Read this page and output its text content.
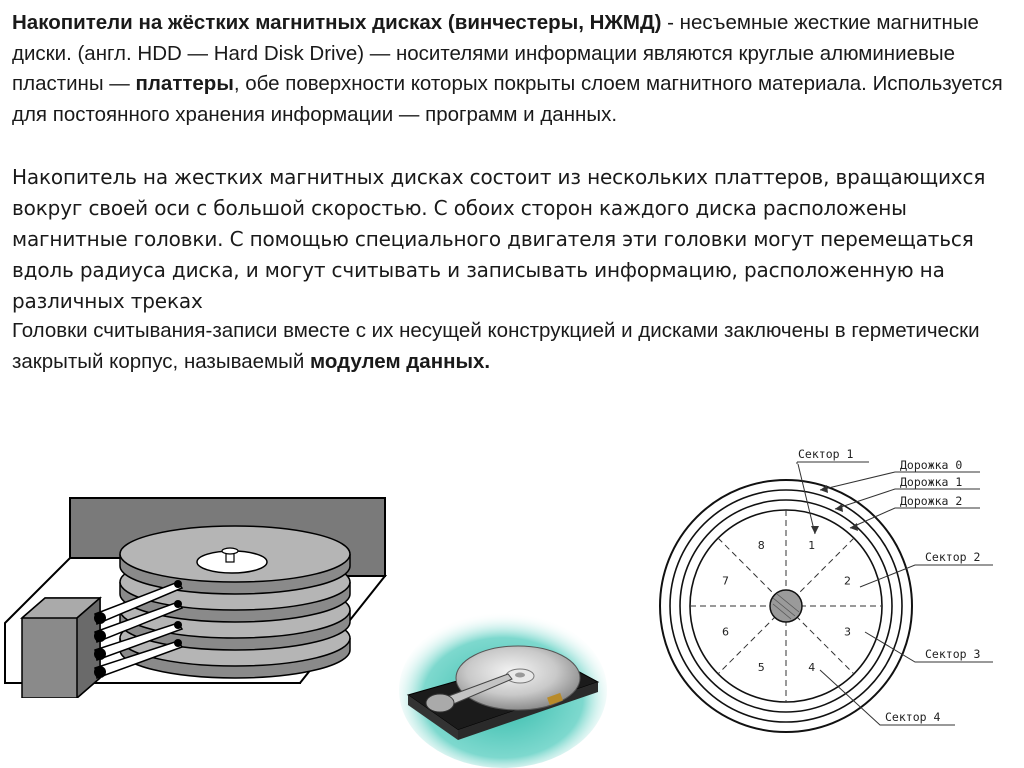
Накопители на жёстких магнитных дисках (винчестеры, НЖМД) - несъемные жесткие магнитные диски. (англ. HDD — Hard Disk Drive) — носителями информации являются круглые алюминиевые пластины — платтеры, обе поверхности которых покрыты слоем магнитного материала. Используется для постоянного хранения информации — программ и данных.

Накопитель на жестких магнитных дисках состоит из нескольких платтеров, вращающихся вокруг своей оси с большой скоростью. С обоих сторон каждого диска расположены магнитные головки. С помощью специального двигателя эти головки могут перемещаться вдоль радиуса диска, и могут считывать и записывать информацию, расположенную на различных треках

Головки считывания-записи вместе с их несущей конструкцией и дисками заключены в герметически закрытый корпус, называемый модулем данных.

1
2
3
4
5
6
7
8
Сектор 1
Дорожка 0
Дорожка 1
Дорожка 2
Сектор 2
Сектор 3
Сектор 4
